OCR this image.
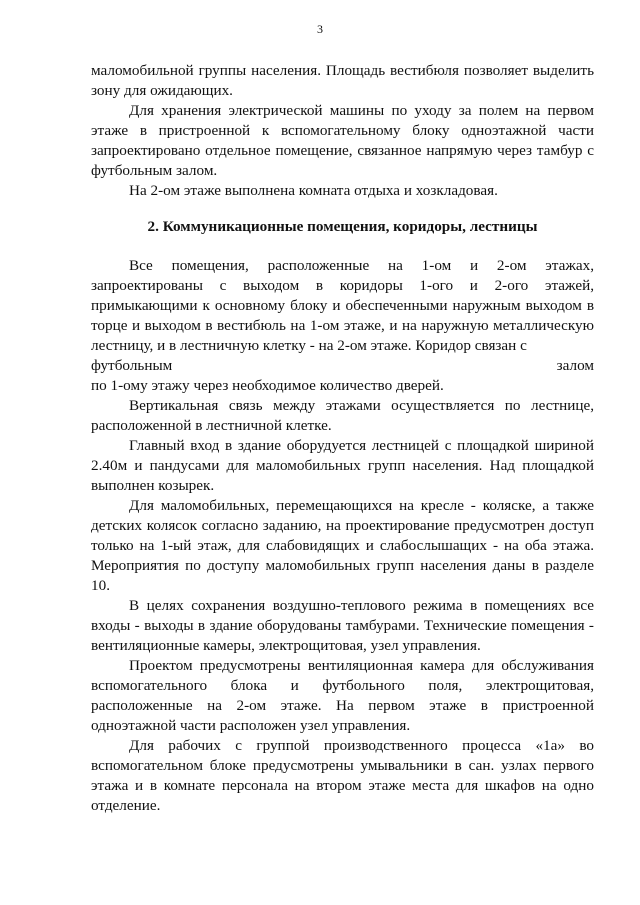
3

маломобильной группы населения. Площадь вестибюля позволяет выделить зону для ожидающих.

Для хранения электрической машины по уходу за полем на первом этаже в пристроенной к вспомогательному блоку одноэтажной части запроектировано отдельное помещение, связанное напрямую через тамбур с футбольным залом.

На 2-ом этаже выполнена комната отдыха и хозкладовая.

2. Коммуникационные помещения, коридоры, лестницы

Все помещения, расположенные на 1-ом и 2-ом этажах, запроектированы с выходом в коридоры 1-ого и 2-ого этажей, примыкающими к основному блоку и обеспеченными наружным выходом в торце и выходом в вестибюль на 1-ом этаже, и на наружную металлическую лестницу, и в лестничную клетку - на 2-ом этаже. Коридор связан с

футбольным	залом

по 1-ому этажу через необходимое количество дверей.

Вертикальная связь между этажами осуществляется по лестнице, расположенной в лестничной клетке.

Главный вход в здание оборудуется лестницей с площадкой шириной 2.40м и пандусами для маломобильных групп населения. Над площадкой выполнен козырек.

Для маломобильных, перемещающихся на кресле - коляске, а также детских колясок согласно заданию, на проектирование предусмотрен доступ только на 1-ый этаж, для слабовидящих и слабослышащих - на оба этажа. Мероприятия по доступу маломобильных групп населения даны в разделе 10.

В целях сохранения воздушно-теплового режима в помещениях все входы - выходы в здание оборудованы тамбурами. Технические помещения - вентиляционные камеры, электрощитовая, узел управления.

Проектом предусмотрены вентиляционная камера для обслуживания вспомогательного блока и футбольного поля, электрощитовая, расположенные на 2-ом этаже. На первом этаже в пристроенной одноэтажной части расположен узел управления.

Для рабочих с группой производственного процесса «1а» во вспомогательном блоке предусмотрены умывальники в сан. узлах первого этажа и в комнате персонала на втором этаже места для шкафов на одно отделение.
